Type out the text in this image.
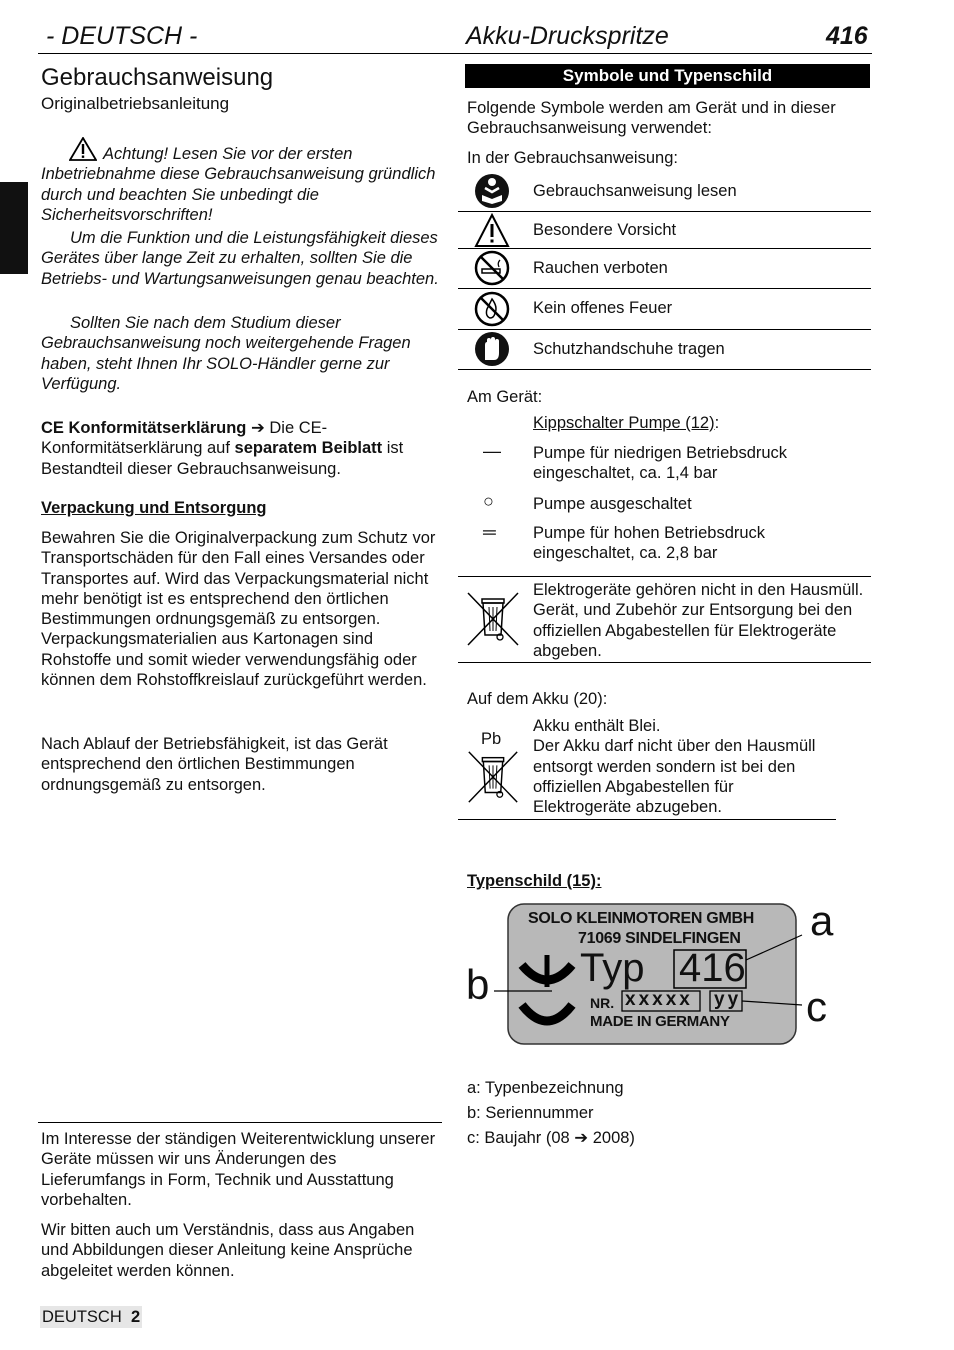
- DEUTSCH -	Akku-Druckspritze	416
Gebrauchsanweisung
Originalbetriebsanleitung
Achtung! Lesen Sie vor der ersten Inbetriebnahme diese Gebrauchsanweisung gründlich durch und beachten Sie unbedingt die Sicherheitsvorschriften!
Um die Funktion und die Leistungsfähigkeit dieses Gerätes über lange Zeit zu erhalten, sollten Sie die Betriebs- und Wartungsanweisungen genau beachten.
Sollten Sie nach dem Studium dieser Gebrauchsanweisung noch weitergehende Fragen haben, steht Ihnen Ihr SOLO-Händler gerne zur Verfügung.
CE Konformitätserklärung ➔ Die CE-Konformitätserklärung auf separatem Beiblatt ist Bestandteil dieser Gebrauchsanweisung.
Verpackung und Entsorgung
Bewahren Sie die Originalverpackung zum Schutz vor Transportschäden für den Fall eines Versandes oder Transportes auf. Wird das Verpackungsmaterial nicht mehr benötigt ist es entsprechend den örtlichen Bestimmungen ordnungsgemäß zu entsorgen. Verpackungsmaterialien aus Kartonagen sind Rohstoffe und somit wieder verwendungsfähig oder können dem Rohstoffkreislauf zurückgeführt werden.
Nach Ablauf der Betriebsfähigkeit, ist das Gerät entsprechend den örtlichen Bestimmungen ordnungsgemäß zu entsorgen.
Im Interesse der ständigen Weiterentwicklung unserer Geräte müssen wir uns Änderungen des Lieferumfangs in Form, Technik und Ausstattung vorbehalten.
Wir bitten auch um Verständnis, dass aus Angaben und Abbildungen dieser Anleitung keine Ansprüche abgeleitet werden können.
Symbole und Typenschild
Folgende Symbole werden am Gerät und in dieser Gebrauchsanweisung verwendet:
In der Gebrauchsanweisung:
Gebrauchsanweisung lesen
Besondere Vorsicht
Rauchen verboten
Kein offenes Feuer
Schutzhandschuhe tragen
Am Gerät:
Kippschalter Pumpe (12):
— Pumpe für niedrigen Betriebsdruck eingeschaltet, ca. 1,4 bar
○ Pumpe ausgeschaltet
═ Pumpe für hohen Betriebsdruck eingeschaltet, ca. 2,8 bar
Elektrogeräte gehören nicht in den Hausmüll. Gerät, und Zubehör zur Entsorgung bei den offiziellen Abgabestellen für Elektrogeräte abgeben.
Auf dem Akku (20):
Pb
Akku enthält Blei.
Der Akku darf nicht über den Hausmüll entsorgt werden sondern ist bei den offiziellen Abgabestellen für Elektrogeräte abzugeben.
Typenschild (15):
SOLO KLEINMOTOREN GMBH
71069 SINDELFINGEN
Typ 416
NR. xxxxx yy
MADE IN GERMANY
a
b	c
a: Typenbezeichnung
b: Seriennummer
c: Baujahr (08 ➔ 2008)
DEUTSCH 2
